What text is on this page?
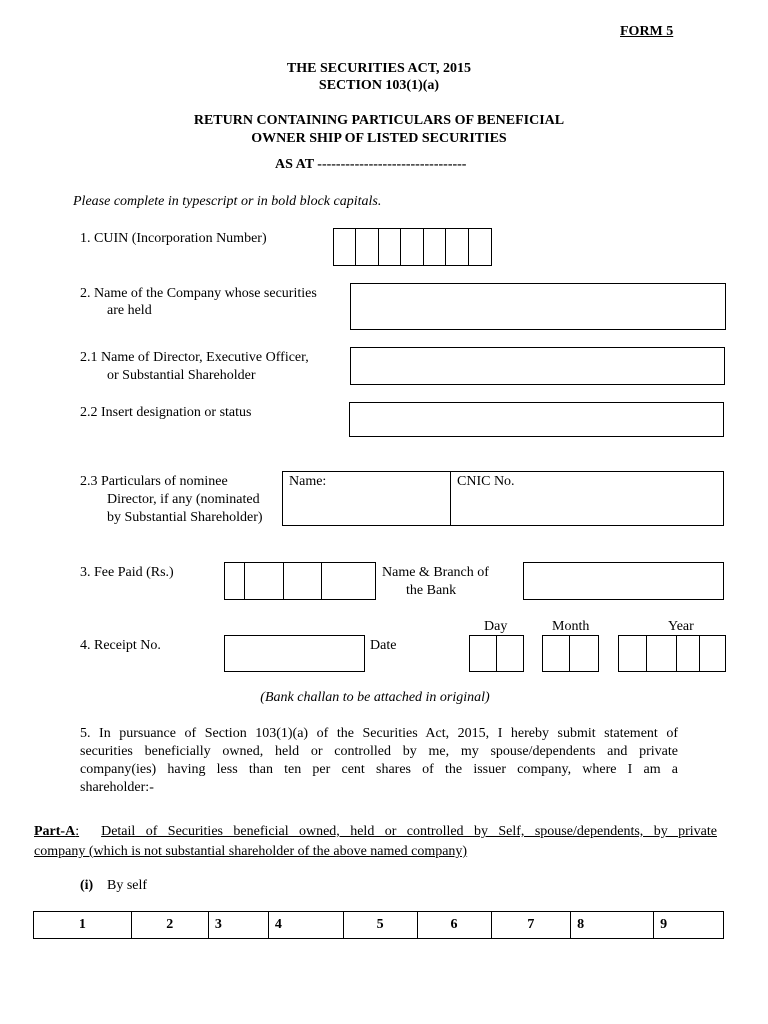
FORM 5
THE SECURITIES ACT, 2015
SECTION 103(1)(a)
RETURN CONTAINING PARTICULARS OF BENEFICIAL
OWNER SHIP OF LISTED SECURITIES
AS AT --------------------------------
Please complete in typescript or in bold block capitals.
1. CUIN (Incorporation Number)
2. Name of the Company whose securities
are held
2.1 Name of Director, Executive Officer,
or Substantial Shareholder
2.2 Insert designation or status
2.3 Particulars of nominee
Director, if any (nominated
by Substantial Shareholder)
Name:	CNIC No.
3. Fee Paid (Rs.)	Name & Branch of
the Bank
Day	Month	Year
4. Receipt No.	Date
(Bank challan to be attached in original)
5. In pursuance of Section 103(1)(a) of the Securities Act, 2015, I hereby submit statement of
securities beneficially owned, held or controlled by me, my spouse/dependents and private
company(ies) having less than ten per cent shares of the issuer company, where I am a
shareholder:-
Part-A: Detail of Securities beneficial owned, held or controlled by Self, spouse/dependents, by private
company (which is not substantial shareholder of the above named company)
(i) By self
1	2	3	4	5	6	7	8	9
